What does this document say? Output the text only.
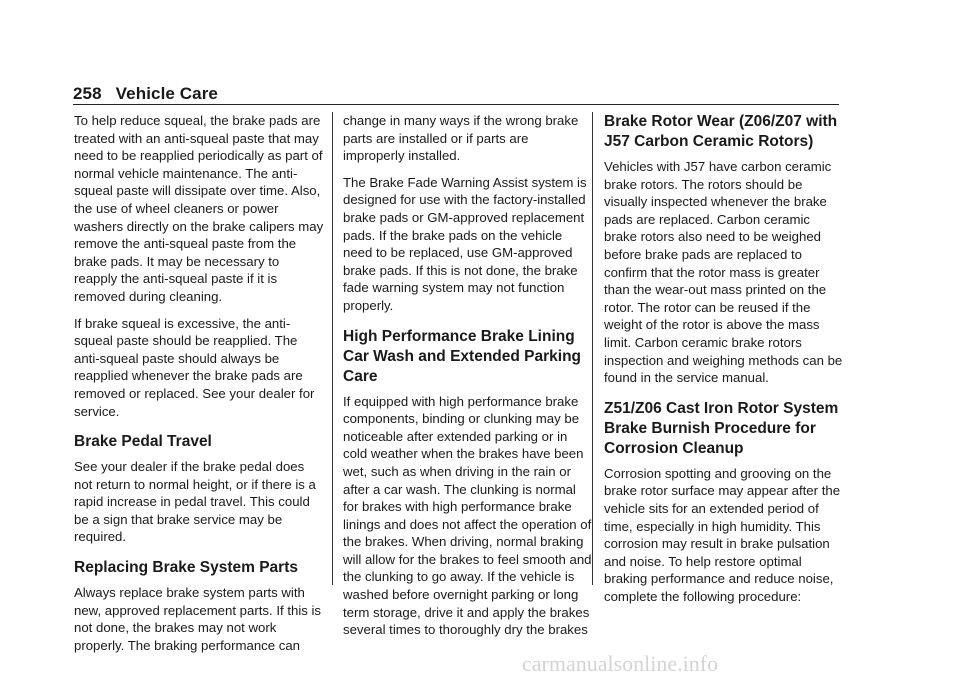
258 Vehicle Care

To help reduce squeal, the brake pads are treated with an anti-squeal paste that may need to be reapplied periodically as part of normal vehicle maintenance. The anti-squeal paste will dissipate over time. Also, the use of wheel cleaners or power washers directly on the brake calipers may remove the anti-squeal paste from the brake pads. It may be necessary to reapply the anti-squeal paste if it is removed during cleaning.

If brake squeal is excessive, the anti-squeal paste should be reapplied. The anti-squeal paste should always be reapplied whenever the brake pads are removed or replaced. See your dealer for service.

Brake Pedal Travel

See your dealer if the brake pedal does not return to normal height, or if there is a rapid increase in pedal travel. This could be a sign that brake service may be required.

Replacing Brake System Parts

Always replace brake system parts with new, approved replacement parts. If this is not done, the brakes may not work properly. The braking performance can

change in many ways if the wrong brake parts are installed or if parts are improperly installed.

The Brake Fade Warning Assist system is designed for use with the factory-installed brake pads or GM-approved replacement pads. If the brake pads on the vehicle need to be replaced, use GM-approved brake pads. If this is not done, the brake fade warning system may not function properly.

High Performance Brake Lining Car Wash and Extended Parking Care

If equipped with high performance brake components, binding or clunking may be noticeable after extended parking or in cold weather when the brakes have been wet, such as when driving in the rain or after a car wash. The clunking is normal for brakes with high performance brake linings and does not affect the operation of the brakes. When driving, normal braking will allow for the brakes to feel smooth and the clunking to go away. If the vehicle is washed before overnight parking or long term storage, drive it and apply the brakes several times to thoroughly dry the brakes

Brake Rotor Wear (Z06/Z07 with J57 Carbon Ceramic Rotors)

Vehicles with J57 have carbon ceramic brake rotors. The rotors should be visually inspected whenever the brake pads are replaced. Carbon ceramic brake rotors also need to be weighed before brake pads are replaced to confirm that the rotor mass is greater than the wear-out mass printed on the rotor. The rotor can be reused if the weight of the rotor is above the mass limit. Carbon ceramic brake rotors inspection and weighing methods can be found in the service manual.

Z51/Z06 Cast Iron Rotor System Brake Burnish Procedure for Corrosion Cleanup

Corrosion spotting and grooving on the brake rotor surface may appear after the vehicle sits for an extended period of time, especially in high humidity. This corrosion may result in brake pulsation and noise. To help restore optimal braking performance and reduce noise, complete the following procedure:

carmanualsonline.info
